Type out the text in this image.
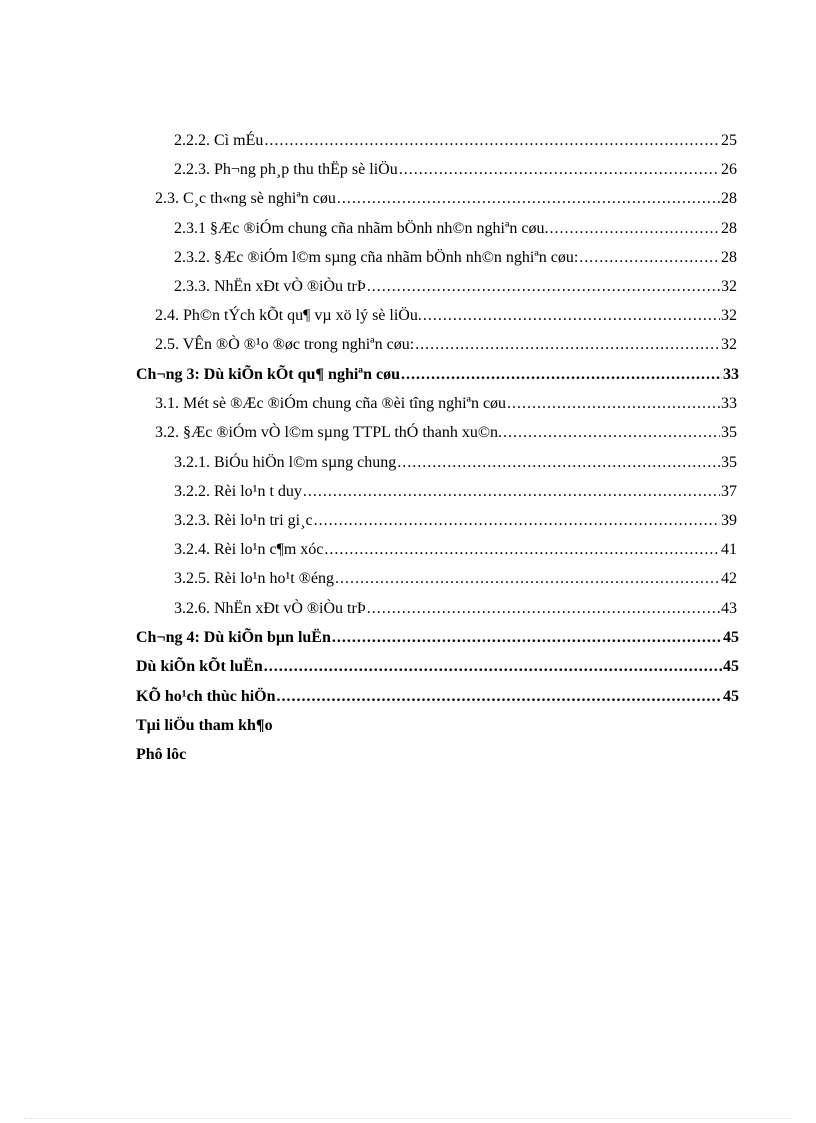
2.2.2. Cì mÉu .....	25
2.2.3. Ph¬ng ph¸p thu thËp sè liÖu .....	26
2.3. C¸c th«ng sè nghiªn cøu .....	28
2.3.1 §Æc ®iÓm chung cña nhãm bÖnh nh©n nghiªn cøu. .....	28
2.3.2. §Æc ®iÓm l©m sµng cña nhãm bÖnh nh©n nghiªn cøu: .....	28
2.3.3. NhËn xÐt vÒ ®iÒu trÞ .....	32
2.4. Ph©n tÝch kÕt qu¶ vµ xö lý sè liÖu. .....	32
2.5. VÊn ®Ò ®¹o ®øc trong nghiªn cøu: .....	32
Ch¬ng 3: Dù kiÕn kÕt qu¶ nghiªn cøu .....	33
3.1. Mét sè ®Æc ®iÓm chung cña ®èi tîng nghiªn cøu .....	33
3.2. §Æc ®iÓm vÒ l©m sµng TTPL thÓ thanh xu©n. .....	35
3.2.1. BiÓu hiÖn l©m sµng chung .....	35
3.2.2. Rèi lo¹n t duy .....	37
3.2.3. Rèi lo¹n tri gi¸c .....	39
3.2.4. Rèi lo¹n c¶m xóc .....	41
3.2.5. Rèi lo¹n ho¹t ®éng .....	42
3.2.6. NhËn xÐt vÒ ®iÒu trÞ .....	43
Ch¬ng 4: Dù kiÕn bµn luËn .....	45
Dù kiÕn kÕt luËn .....	45
KÕ ho¹ch thùc hiÖn .....	45
Tµi liÖu tham kh¶o
Phô lôc
